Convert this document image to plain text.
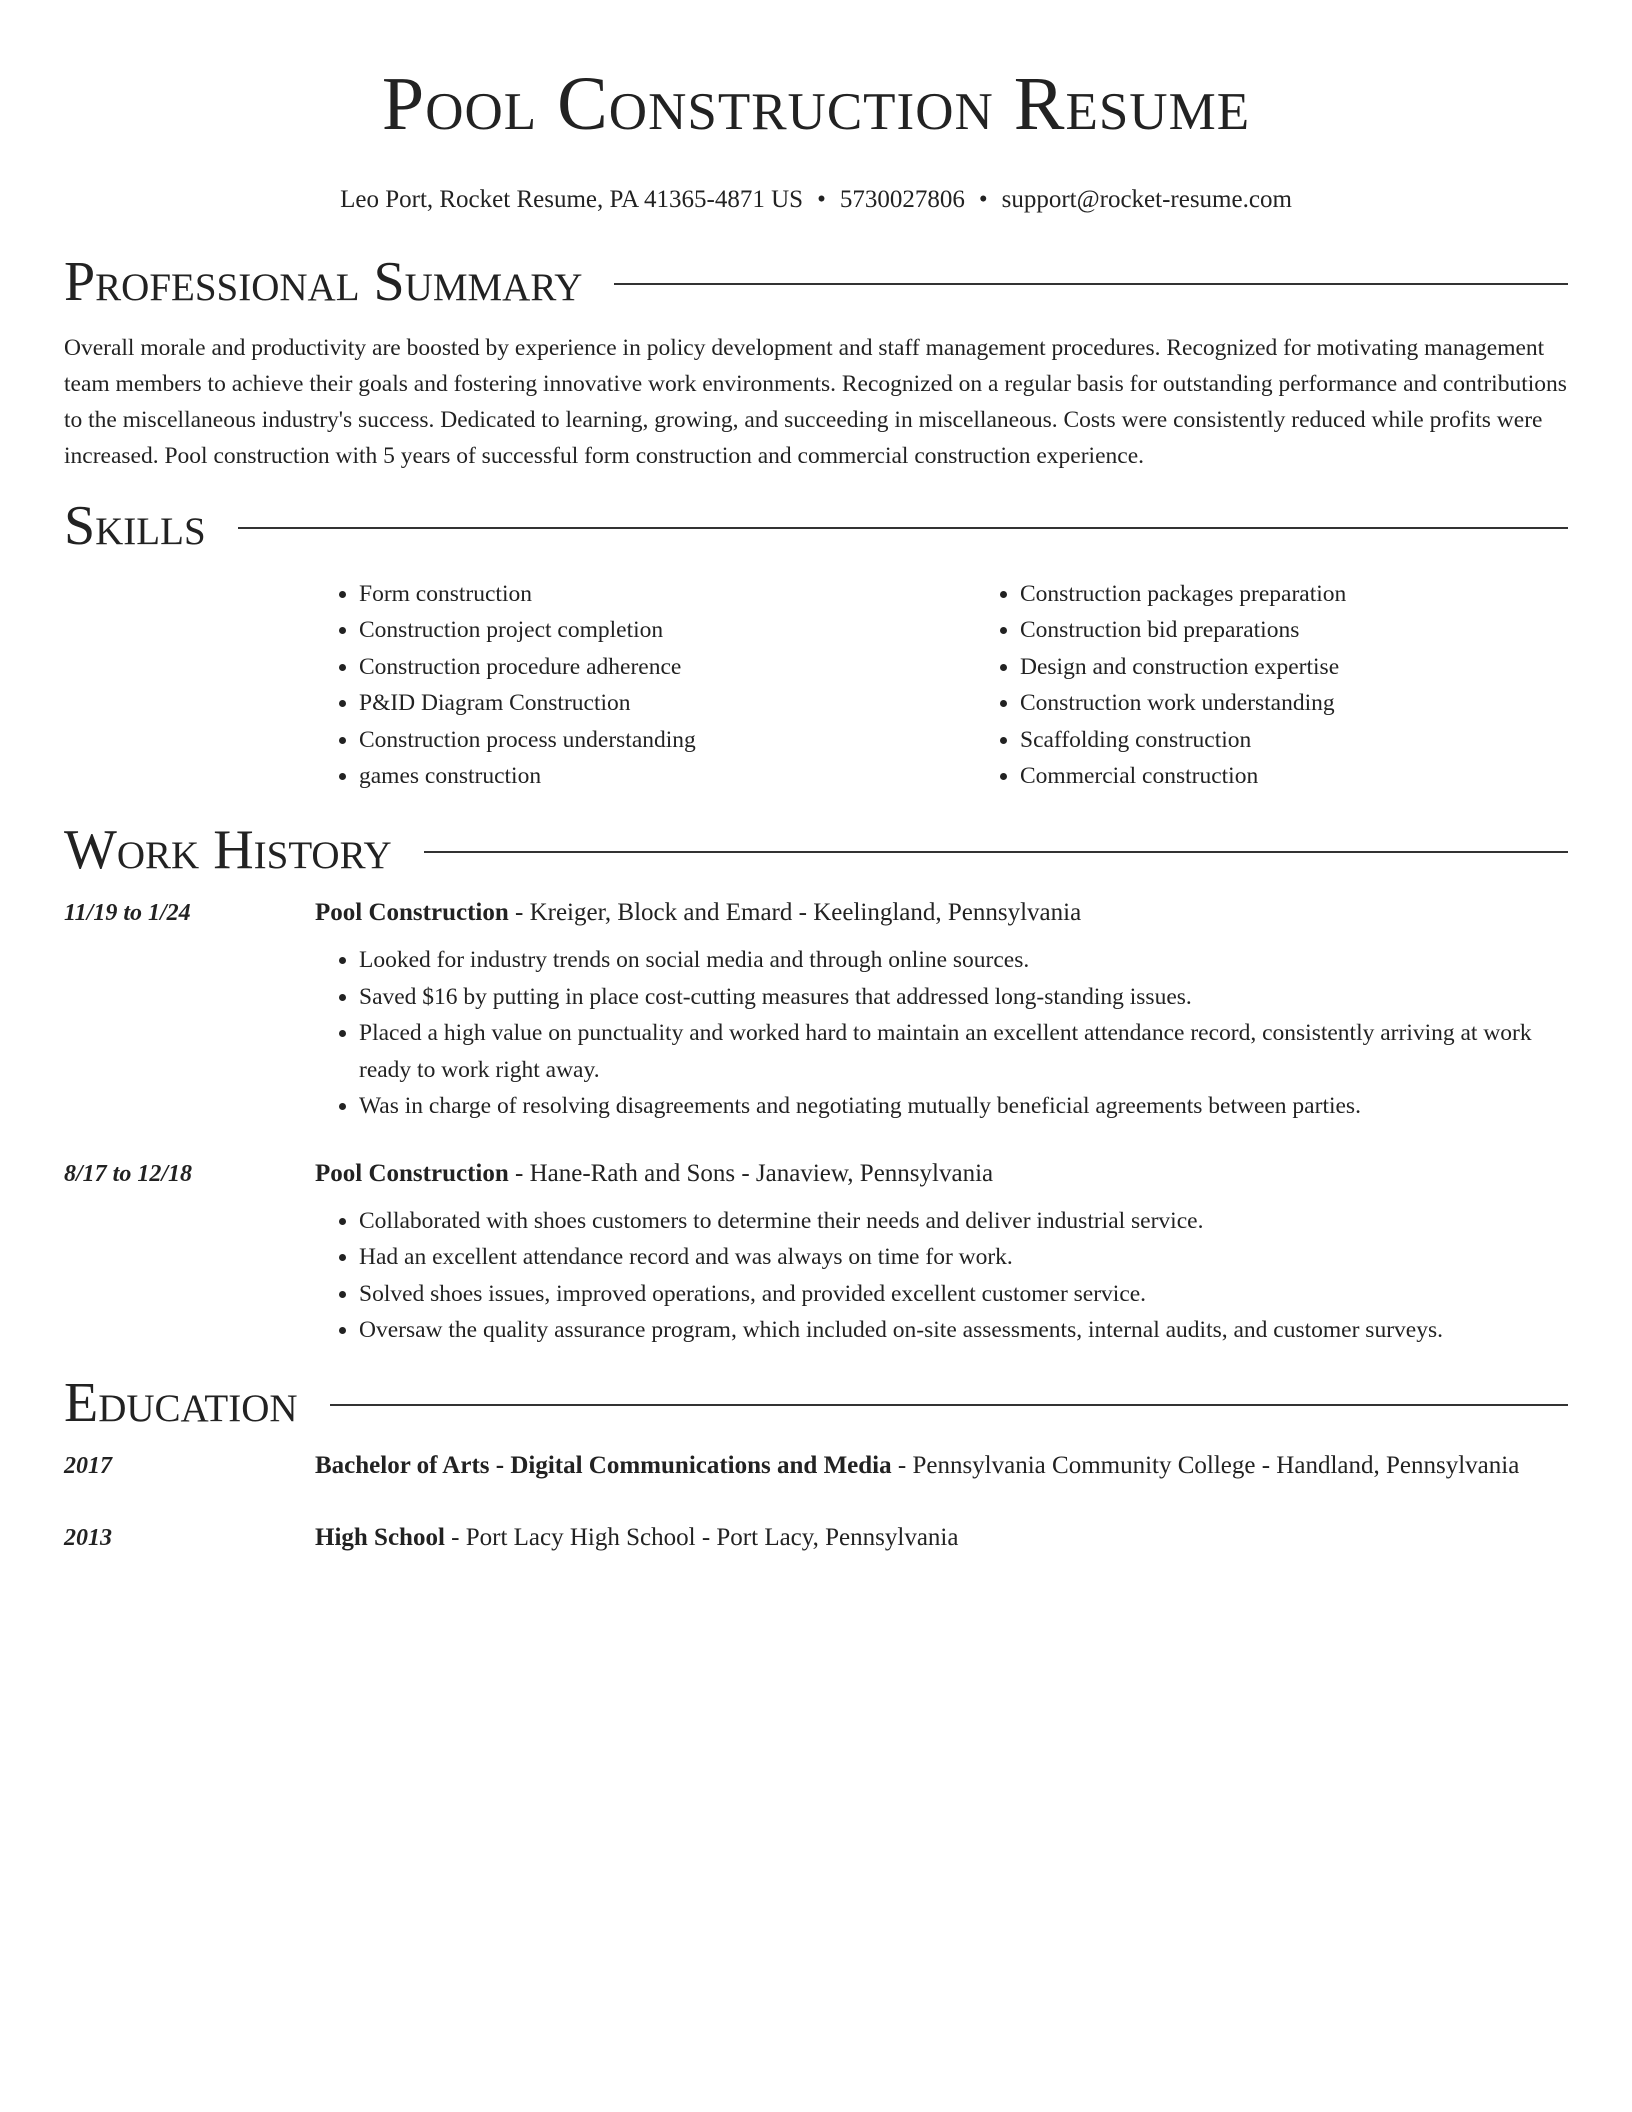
Pool Construction Resume
Leo Port, Rocket Resume, PA 41365-4871 US • 5730027806 • support@rocket-resume.com
Professional Summary

Overall morale and productivity are boosted by experience in policy development and staff management procedures. Recognized for motivating management team members to achieve their goals and fostering innovative work environments. Recognized on a regular basis for outstanding performance and contributions to the miscellaneous industry's success. Dedicated to learning, growing, and succeeding in miscellaneous. Costs were consistently reduced while profits were increased. Pool construction with 5 years of successful form construction and commercial construction experience.

Skills
• Form construction
• Construction project completion
• Construction procedure adherence
• P&ID Diagram Construction
• Construction process understanding
• games construction
• Construction packages preparation
• Construction bid preparations
• Design and construction expertise
• Construction work understanding
• Scaffolding construction
• Commercial construction
Work History
11/19 to 1/24	Pool Construction - Kreiger, Block and Emard - Keelingland, Pennsylvania
• Looked for industry trends on social media and through online sources.
• Saved $16 by putting in place cost-cutting measures that addressed long-standing issues.
• Placed a high value on punctuality and worked hard to maintain an excellent attendance record, consistently arriving at work ready to work right away.
• Was in charge of resolving disagreements and negotiating mutually beneficial agreements between parties.
8/17 to 12/18	Pool Construction - Hane-Rath and Sons - Janaview, Pennsylvania
• Collaborated with shoes customers to determine their needs and deliver industrial service.
• Had an excellent attendance record and was always on time for work.
• Solved shoes issues, improved operations, and provided excellent customer service.
• Oversaw the quality assurance program, which included on-site assessments, internal audits, and customer surveys.
Education
2017	Bachelor of Arts - Digital Communications and Media - Pennsylvania Community College - Handland, Pennsylvania
2013	High School - Port Lacy High School - Port Lacy, Pennsylvania
